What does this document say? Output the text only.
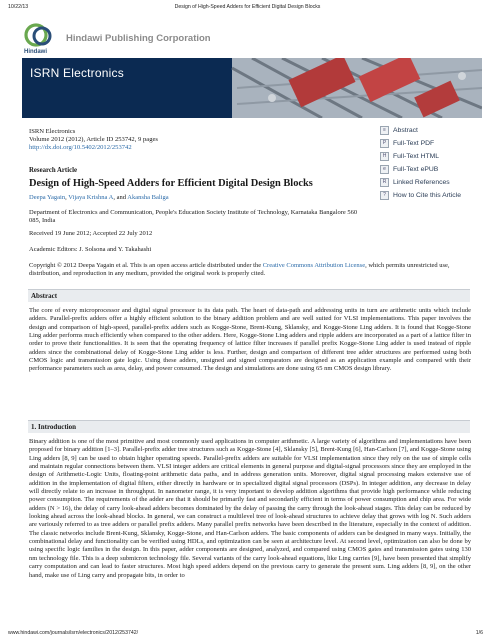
10/22/13	Design of High-Speed Adders for Efficient Digital Design Blocks
Hindawi
Hindawi Publishing Corporation
ISRN Electronics
ISRN Electronics
Volume 2012 (2012), Article ID 253742, 9 pages
http://dx.doi.org/10.5402/2012/253742
Research Article
Design of High-Speed Adders for Efficient Digital Design Blocks
Deepa Yagain, Vijaya Krishna A, and Akansha Baliga
Department of Electronics and Communication, People's Education Society Institute of Technology, Karnataka Bangalore 560 085, India
Received 19 June 2012; Accepted 22 July 2012
Academic Editors: J. Solsona and Y. Takahashi
Copyright © 2012 Deepa Yagain et al. This is an open access article distributed under the Creative Commons Attribution License, which permits unrestricted use, distribution, and reproduction in any medium, provided the original work is properly cited.
≡ Abstract
P Full-Text PDF
H Full-Text HTML
e Full-Text ePUB
R Linked References
? How to Cite this Article
Abstract
The core of every microprocessor and digital signal processor is its data path. The heart of data-path and addressing units in turn are arithmetic units which include adders. Parallel-prefix adders offer a highly efficient solution to the binary addition problem and are well suited for VLSI implementations. This paper involves the design and comparison of high-speed, parallel-prefix adders such as Kogge-Stone, Brent-Kung, Sklansky, and Kogge-Stone Ling adders. It is found that Kogge-Stone Ling adder performs much efficiently when compared to the other adders. Here, Kogge-Stone Ling adders and ripple adders are incorporated as a part of a lattice filter in order to prove their functionalities. It is seen that the operating frequency of lattice filter increases if parallel prefix Kogge-Stone Ling adder is used instead of ripple adders since the combinational delay of Kogge-Stone Ling adder is less. Further, design and comparison of different tree adder structures are performed using both CMOS logic and transmission gate logic. Using these adders, unsigned and signed comparators are designed as an application example and compared with their performance parameters such as area, delay, and power consumed. The design and simulations are done using 65 nm CMOS design library.
1. Introduction
Binary addition is one of the most primitive and most commonly used applications in computer arithmetic. A large variety of algorithms and implementations have been proposed for binary addition [1–3]. Parallel-prefix adder tree structures such as Kogge-Stone [4], Sklansky [5], Brent-Kung [6], Han-Carlson [7], and Kogge-Stone using Ling adders [8, 9] can be used to obtain higher operating speeds. Parallel-prefix adders are suitable for VLSI implementation since they rely on the use of simple cells and maintain regular connections between them. VLSI integer adders are critical elements in general purpose and digital-signal processors since they are employed in the design of Arithmetic-Logic Units, floating-point arithmetic data paths, and in address generation units. Moreover, digital signal processing makes extensive use of addition in the implementation of digital filters, either directly in hardware or in specialized digital signal processors (DSPs). In integer addition, any decrease in delay will directly relate to an increase in throughput. In nanometer range, it is very important to develop addition algorithms that provide high performance while reducing power consumption. The requirements of the adder are that it should be primarily fast and secondarily efficient in terms of power consumption and chip area. For wide adders (N > 16), the delay of carry look-ahead adders becomes dominated by the delay of passing the carry through the look-ahead stages. This delay can be reduced by looking ahead across the look-ahead blocks. In general, we can construct a multilevel tree of look-ahead structures to achieve delay that grows with log N. Such adders are variously referred to as tree adders or parallel prefix adders. Many parallel prefix networks have been described in the literature, especially in the context of addition. The classic networks include Brent-Kung, Sklansky, Kogge-Stone, and Han-Carlson adders. The basic components of adders can be designed in many ways. Initially, the combinational delay and functionality can be verified using HDLs, and optimization can be seen at architecture level. At second level, optimization can also be done by using specific logic families in the design. In this paper, adder components are designed, analyzed, and compared using CMOS gates and transmission gates using 130 nm technology file. This is a deep submicron technology file. Several variants of the carry look-ahead equations, like Ling carries [9], have been presented that simplify carry computation and can lead to faster structures. Most high speed adders depend on the previous carry to generate the present sum. Ling adders [8, 9], on the other hand, make use of Ling carry and propagate bits, in order to
www.hindawi.com/journals/isrn/electronics/2012/253742/	1/6
